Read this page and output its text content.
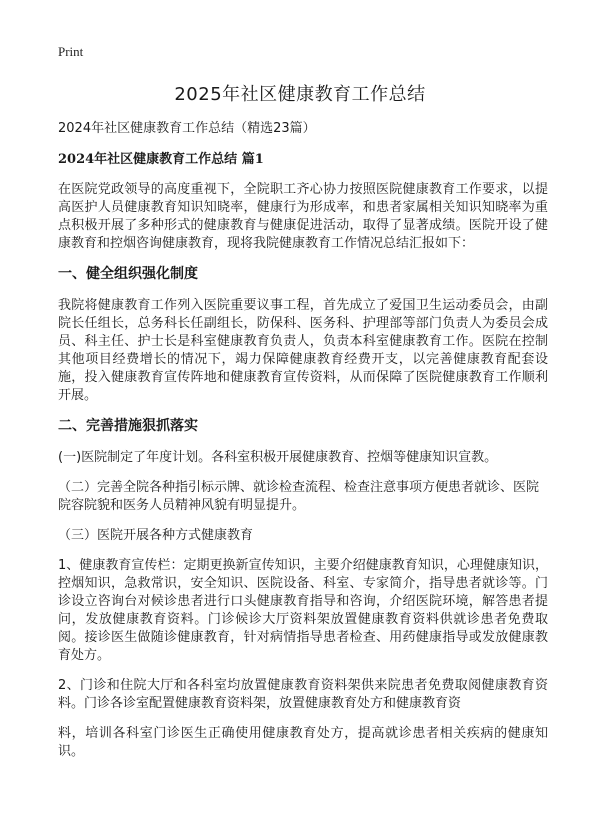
Print
2025年社区健康教育工作总结

2024年社区健康教育工作总结（精选23篇）

2024年社区健康教育工作总结 篇1

在医院党政领导的高度重视下，全院职工齐心协力按照医院健康教育工作要求，以提高医护人员健康教育知识知晓率，健康行为形成率，和患者家属相关知识知晓率为重点积极开展了多种形式的健康教育与健康促进活动，取得了显著成绩。医院开设了健康教育和控烟咨询健康教育，现将我院健康教育工作情况总结汇报如下：

一、健全组织强化制度

我院将健康教育工作列入医院重要议事工程，首先成立了爱国卫生运动委员会，由副院长任组长，总务科长任副组长，防保科、医务科、护理部等部门负责人为委员会成员、科主任、护士长是科室健康教育负责人，负责本科室健康教育工作。医院在控制其他项目经费增长的情况下，竭力保障健康教育经费开支，以完善健康教育配套设施，投入健康教育宣传阵地和健康教育宣传资料，从而保障了医院健康教育工作顺利开展。

二、完善措施狠抓落实

(一)医院制定了年度计划。各科室积极开展健康教育、控烟等健康知识宣教。

（二）完善全院各种指引标示牌、就诊检查流程、检查注意事项方便患者就诊、医院院容院貌和医务人员精神风貌有明显提升。

（三）医院开展各种方式健康教育

1、健康教育宣传栏：定期更换新宣传知识，主要介绍健康教育知识，心理健康知识，控烟知识，急救常识，安全知识、医院设备、科室、专家简介，指导患者就诊等。门诊设立咨询台对候诊患者进行口头健康教育指导和咨询，介绍医院环境，解答患者提问，发放健康教育资料。门诊候诊大厅资料架放置健康教育资料供就诊患者免费取阅。接诊医生做随诊健康教育，针对病情指导患者检查、用药健康指导或发放健康教育处方。

2、门诊和住院大厅和各科室均放置健康教育资料架供来院患者免费取阅健康教育资料。门诊各诊室配置健康教育资料架，放置健康教育处方和健康教育资

料，培训各科室门诊医生正确使用健康教育处方，提高就诊患者相关疾病的健康知识。
